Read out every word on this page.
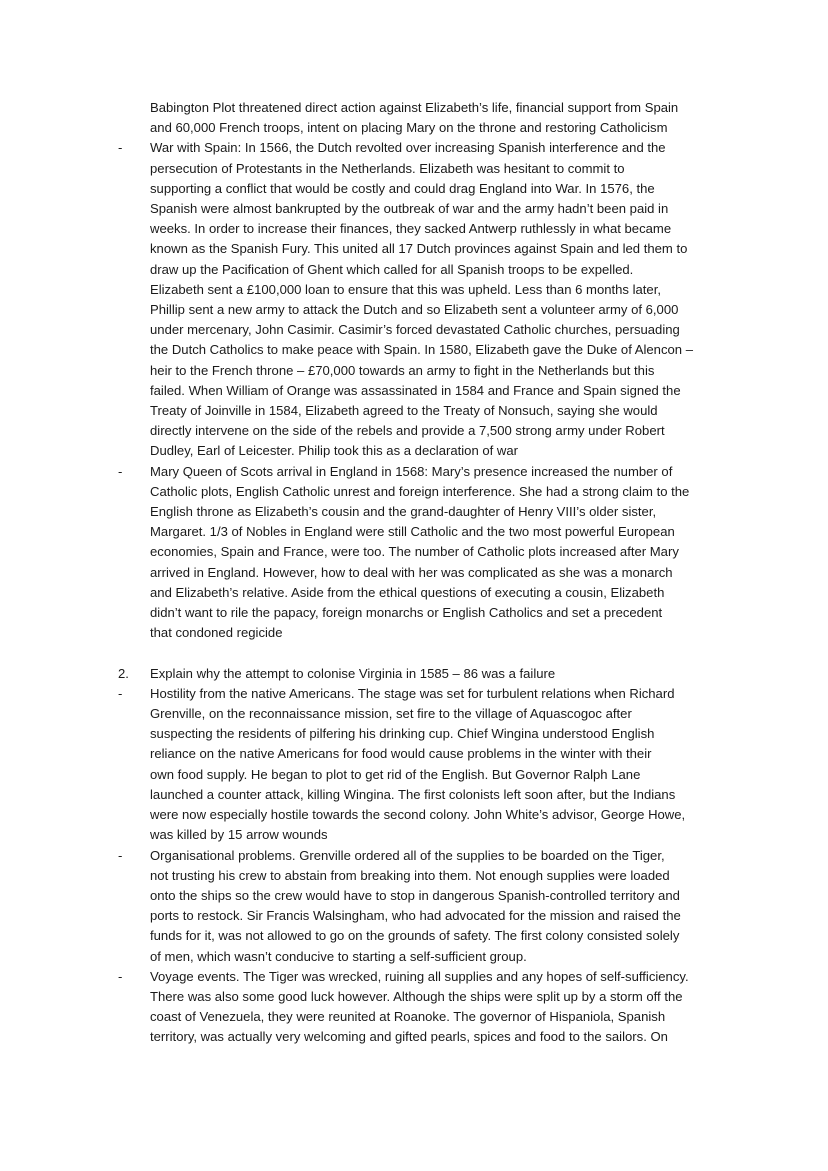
Babington Plot threatened direct action against Elizabeth’s life, financial support from Spain
and 60,000 French troops, intent on placing Mary on the throne and restoring Catholicism
-	War with Spain: In 1566, the Dutch revolted over increasing Spanish interference and the
persecution of Protestants in the Netherlands. Elizabeth was hesitant to commit to
supporting a conflict that would be costly and could drag England into War. In 1576, the
Spanish were almost bankrupted by the outbreak of war and the army hadn’t been paid in
weeks. In order to increase their finances, they sacked Antwerp ruthlessly in what became
known as the Spanish Fury. This united all 17 Dutch provinces against Spain and led them to
draw up the Pacification of Ghent which called for all Spanish troops to be expelled.
Elizabeth sent a £100,000 loan to ensure that this was upheld. Less than 6 months later,
Phillip sent a new army to attack the Dutch and so Elizabeth sent a volunteer army of 6,000
under mercenary, John Casimir. Casimir’s forced devastated Catholic churches, persuading
the Dutch Catholics to make peace with Spain. In 1580, Elizabeth gave the Duke of Alencon –
heir to the French throne – £70,000 towards an army to fight in the Netherlands but this
failed. When William of Orange was assassinated in 1584 and France and Spain signed the
Treaty of Joinville in 1584, Elizabeth agreed to the Treaty of Nonsuch, saying she would
directly intervene on the side of the rebels and provide a 7,500 strong army under Robert
Dudley, Earl of Leicester. Philip took this as a declaration of war
-	Mary Queen of Scots arrival in England in 1568: Mary’s presence increased the number of
Catholic plots, English Catholic unrest and foreign interference. She had a strong claim to the
English throne as Elizabeth’s cousin and the grand-daughter of Henry VIII’s older sister,
Margaret. 1/3 of Nobles in England were still Catholic and the two most powerful European
economies, Spain and France, were too. The number of Catholic plots increased after Mary
arrived in England. However, how to deal with her was complicated as she was a monarch
and Elizabeth’s relative. Aside from the ethical questions of executing a cousin, Elizabeth
didn’t want to rile the papacy, foreign monarchs or English Catholics and set a precedent
that condoned regicide
2.	Explain why the attempt to colonise Virginia in 1585 – 86 was a failure
-	Hostility from the native Americans. The stage was set for turbulent relations when Richard
Grenville, on the reconnaissance mission, set fire to the village of Aquascogoc after
suspecting the residents of pilfering his drinking cup. Chief Wingina understood English
reliance on the native Americans for food would cause problems in the winter with their
own food supply. He began to plot to get rid of the English. But Governor Ralph Lane
launched a counter attack, killing Wingina. The first colonists left soon after, but the Indians
were now especially hostile towards the second colony. John White’s advisor, George Howe,
was killed by 15 arrow wounds
-	Organisational problems. Grenville ordered all of the supplies to be boarded on the Tiger,
not trusting his crew to abstain from breaking into them. Not enough supplies were loaded
onto the ships so the crew would have to stop in dangerous Spanish-controlled territory and
ports to restock. Sir Francis Walsingham, who had advocated for the mission and raised the
funds for it, was not allowed to go on the grounds of safety. The first colony consisted solely
of men, which wasn’t conducive to starting a self-sufficient group.
-	Voyage events. The Tiger was wrecked, ruining all supplies and any hopes of self-sufficiency.
There was also some good luck however. Although the ships were split up by a storm off the
coast of Venezuela, they were reunited at Roanoke. The governor of Hispaniola, Spanish
territory, was actually very welcoming and gifted pearls, spices and food to the sailors. On
